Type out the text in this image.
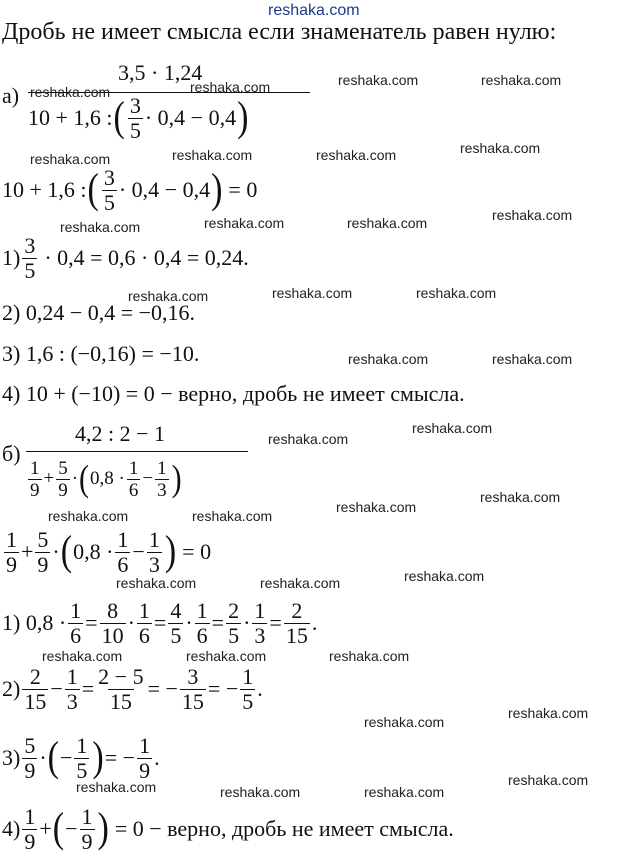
reshaka.com
Дробь не имеет смысла если знаменатель равен нулю:
а)
3,5 · 1,24
10 + 1,6 : ( $\frac{3}{5} \cdot 0,4 - 0,4$ )
10 + 1,6 : ( $\frac{3}{5} \cdot 0,4 - 0,4$ ) = 0
$1) \frac{3}{5} \cdot 0,4 = 0,6 \cdot 0,4 = 0,24$.
2) 0,24 − 0,4 = −0,16.
3) 1,6 : (−0,16) = −10.
4) 10 + (−10) = 0 − верно, дробь не имеет смысла.
б)
4,2 : 2 − 1
$\frac{1}{9} + \frac{5}{9}$ · ( $0,8 \cdot \frac{1}{6} - \frac{1}{3}$ )
$\frac{1}{9} + \frac{5}{9}$ · ( $0,8 \cdot \frac{1}{6} - \frac{1}{3}$ ) = 0
1) $0,8 \cdot \frac{1}{6} = \frac{8}{10} \cdot \frac{1}{6} = \frac{4}{5} \cdot \frac{1}{6} = \frac{2}{5} \cdot \frac{1}{3} = \frac{2}{15}$ .
$2) \frac{2}{15} - \frac{1}{3} = \frac{2 - 5}{15}$ = − $\frac{3}{15}$ = − $\frac{1}{5}$ .
$3) \frac{5}{9}$ · ( − $\frac{1}{5}$ ) = − $\frac{1}{9}$ .
$4) \frac{1}{9}$ + ( − $\frac{1}{9}$ ) = 0 − верно, дробь не имеет смысла.
reshaka.com	reshaka.com	reshaka.com	reshaka.com
reshaka.com	reshaka.com	reshaka.com	reshaka.com
reshaka.com	reshaka.com	reshaka.com	reshaka.com
reshaka.com	reshaka.com	reshaka.com
reshaka.com	reshaka.com
reshaka.com
reshaka.com
reshaka.com
reshaka.com
reshaka.com	reshaka.com
reshaka.com	reshaka.com	reshaka.com
reshaka.com	reshaka.com	reshaka.com
reshaka.com
reshaka.com
reshaka.com	reshaka.com	reshaka.com
reshaka.com
